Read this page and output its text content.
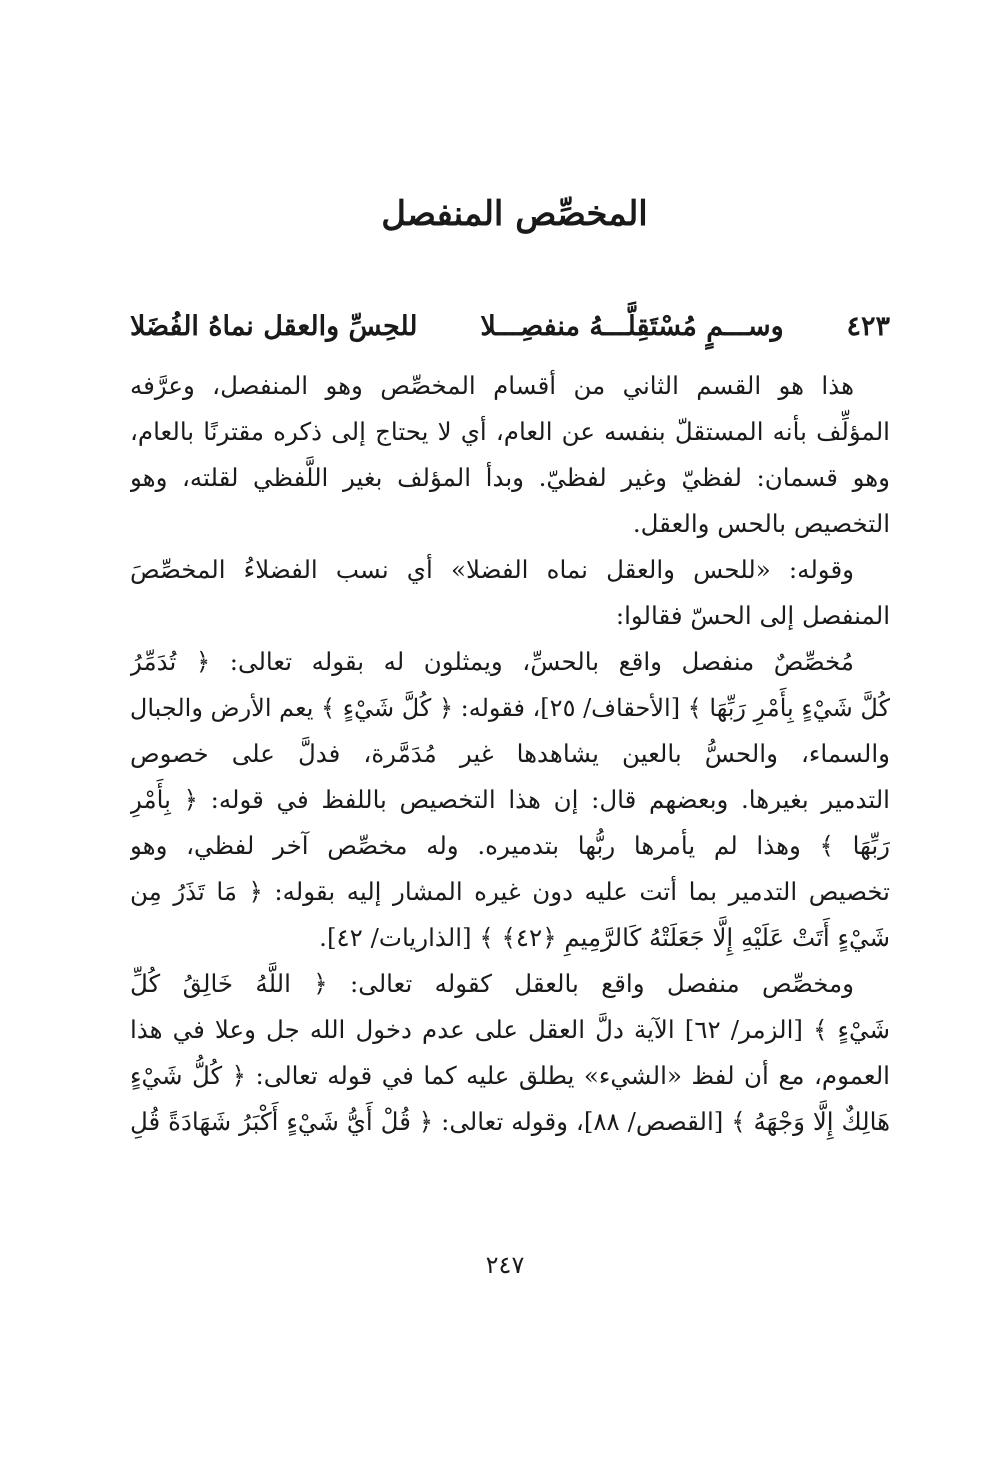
المخصِّص المنفصل
٤٢٣
وســـمٍ مُسْتَقِلَّـــهُ منفصِـــلا
للحِسِّ والعقل نماهُ الفُضَلا
هذا هو القسم الثاني من أقسام المخصِّص وهو المنفصل، وعرَّفه
المؤلِّف بأنه المستقلّ بنفسه عن العام، أي لا يحتاج إلى ذكره مقترنًا بالعام،
وهو قسمان: لفظيّ وغير لفظيّ. وبدأ المؤلف بغير اللَّفظي لقلته، وهو
التخصيص بالحس والعقل.
وقوله: «للحس والعقل نماه الفضلا» أي نسب الفضلاءُ المخصِّصَ
المنفصل إلى الحسّ فقالوا:
مُخصِّصٌ منفصل واقع بالحسِّ، ويمثلون له بقوله تعالى: ﴿ تُدَمِّرُ
كُلَّ شَيْءٍ بِأَمْرِ رَبِّهَا ﴾ [الأحقاف/ ٢٥]، فقوله: ﴿ كُلَّ شَيْءٍ ﴾ يعم الأرض والجبال
والسماء، والحسُّ بالعين يشاهدها غير مُدَمَّرة، فدلَّ على خصوص
التدمير بغيرها. وبعضهم قال: إن هذا التخصيص باللفظ في قوله: ﴿ بِأَمْرِ
رَبِّهَا ﴾ وهذا لم يأمرها ربُّها بتدميره. وله مخصِّص آخر لفظي، وهو
تخصيص التدمير بما أتت عليه دون غيره المشار إليه بقوله: ﴿ مَا تَذَرُ مِن
شَيْءٍ أَتَتْ عَلَيْهِ إِلَّا جَعَلَتْهُ كَالرَّمِيمِ ﴿٤٢﴾ ﴾ [الذاريات/ ٤٢].
ومخصِّص منفصل واقع بالعقل كقوله تعالى: ﴿ اللَّهُ خَالِقُ كُلِّ
شَيْءٍ ﴾ [الزمر/ ٦٢] الآية دلَّ العقل على عدم دخول الله جل وعلا في هذا
العموم، مع أن لفظ «الشيء» يطلق عليه كما في قوله تعالى: ﴿ كُلُّ شَيْءٍ
هَالِكٌ إِلَّا وَجْهَهُ ﴾ [القصص/ ٨٨]، وقوله تعالى: ﴿ قُلْ أَيُّ شَيْءٍ أَكْبَرُ شَهَادَةً قُلِ
٢٤٧
